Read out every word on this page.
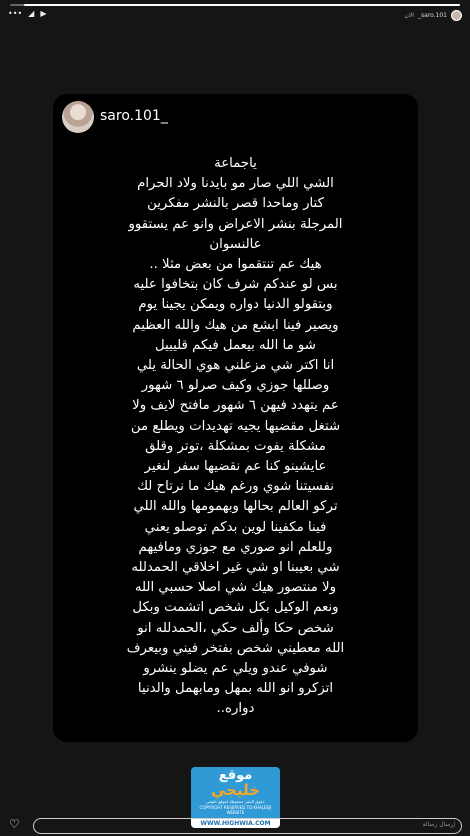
••• ◢ ▶	الان _saro.101
saro.101_
ياجماعة
الشي اللي صار مو بايدنا ولاد الحرام
كتار وماحدا قصر بالنشر مفكرين
المرجلة بنشر الاعراض وانو عم يستقوو
عالنسوان
هيك عم تنتقموا من بعض مثلا ..
بس لو عندكم شرف كان بتخافوا عليه
وبتقولو الدنيا دواره ويمكن يجينا يوم
ويصير فينا ابشع من هيك والله العظيم
شو ما الله بيعمل فيكم قليييل
انا اكتر شي مزعلني هوي الحالة يلي
وصللها جوزي وكيف صرلو ٦ شهور
عم يتهدد فيهن ٦ شهور مافتح لايف ولا
شتغل مقضيها يجيه تهديدات ويطلع من
مشكلة يفوت بمشكلة ،توتر وقلق
عايشينو كنا عم نقضيها سفر لنغير
نفسيتنا شوي ورغم هيك ما نرتاح لك
تركو العالم بحالها وبهمومها والله اللي
فينا مكفينا لوين بدكم توصلو يعني
وللعلم انو صوري مع جوزي ومافيهم
شي بعيبنا او شي غير اخلاقي الحمدلله
ولا منتصور هيك شي اصلا حسبي الله
ونعم الوكيل بكل شخص اتشمت وبكل
شخص حكا وألف حكي ،الحمدلله انو
الله معطيني شخص بفتخر فيني وبيعرف
شوفي عندو ويلي عم يضلو ينشرو
اتزكرو انو الله بمهل ومابهمل والدنيا
دواره..
موقع
خليجي
حقوق النشر محفوظة لموقع خليجي
COPYRIGHT RESERVED TO KHALEEJI WEBSITE
WWW.HIGHWIA.COM
♡	إرسال رسالة
